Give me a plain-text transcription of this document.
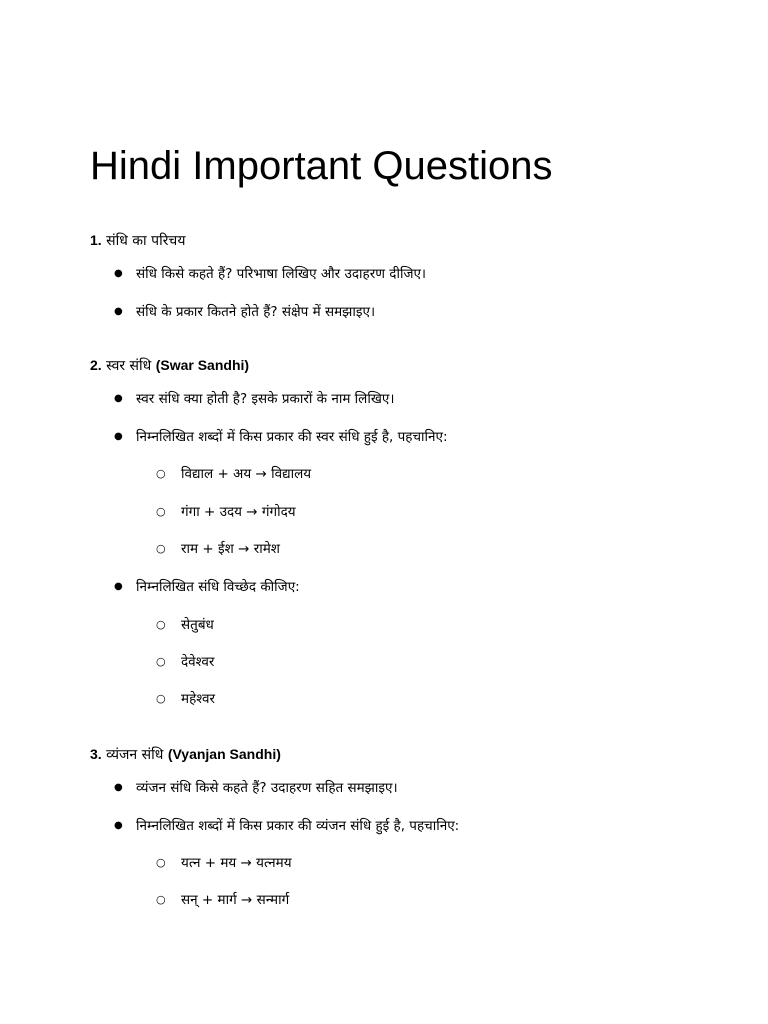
Hindi Important Questions
1. संधि का परिचय
● संधि किसे कहते हैं? परिभाषा लिखिए और उदाहरण दीजिए।
● संधि के प्रकार कितने होते हैं? संक्षेप में समझाइए।
2. स्वर संधि (Swar Sandhi)
● स्वर संधि क्या होती है? इसके प्रकारों के नाम लिखिए।
● निम्नलिखित शब्दों में किस प्रकार की स्वर संधि हुई है, पहचानिए:
○ विद्याल + अय → विद्यालय
○ गंगा + उदय → गंगोदय
○ राम + ईश → रामेश
● निम्नलिखित संधि विच्छेद कीजिए:
○ सेतुबंध
○ देवेश्वर
○ महेश्वर
3. व्यंजन संधि (Vyanjan Sandhi)
● व्यंजन संधि किसे कहते हैं? उदाहरण सहित समझाइए।
● निम्नलिखित शब्दों में किस प्रकार की व्यंजन संधि हुई है, पहचानिए:
○ यत्न + मय → यत्नमय
○ सन् + मार्ग → सन्मार्ग
